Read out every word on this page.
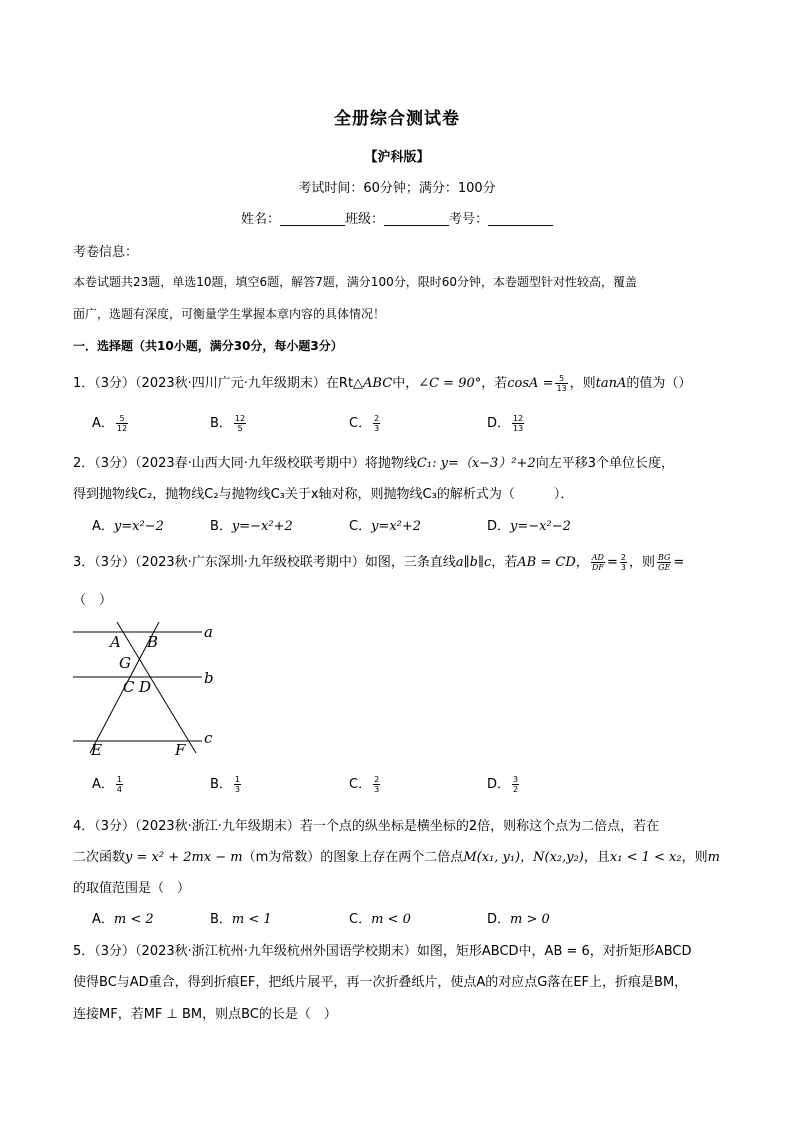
全册综合测试卷
【沪科版】
考试时间：60分钟；满分：100分
姓名：__________班级：__________考号：__________
考卷信息：
本卷试题共23题，单选10题，填空6题，解答7题，满分100分，限时60分钟，本卷题型针对性较高，覆盖
面广，选题有深度，可衡量学生掌握本章内容的具体情况！
一．选择题（共10小题，满分30分，每小题3分）
1．（3分）（2023秋·四川广元·九年级期末）在Rt△ABC中，∠C = 90°，若$\cos A = \frac{5}{13}$ ，则tanA的值为（）
A． $\frac{5}{12}$	B． $\frac{12}{5}$	C． $\frac{2}{3}$	D． $\frac{12}{13}$
2．（3分）（2023春·山西大同·九年级校联考期中）将抛物线C₁: y=（x−3）²+2向左平移3个单位长度，
得到抛物线C₂，抛物线C₂与抛物线C₃关于x轴对称，则抛物线C₃的解析式为（　　　）．
A．y=x²−2	B．y=−x²+2	C．y=x²+2	D．y=−x²−2
3．（3分）（2023秋·广东深圳·九年级校联考期中）如图，三条直线a∥b∥c，若AB = CD， $\frac{AD}{DF} = \frac{2}{3}$ ，则 $\frac{BG}{GE}$ =
（　）
A B
G
C D
E	F
a
b
c
A． $\frac{1}{4}$	B． $\frac{1}{3}$	C． $\frac{2}{3}$	D． $\frac{3}{2}$
4．（3分）（2023秋·浙江·九年级期末）若一个点的纵坐标是横坐标的2倍，则称这个点为二倍点，若在
二次函数y = x² + 2mx − m（m为常数）的图象上存在两个二倍点M(x₁, y₁)，N(x₂,y₂)，且x₁ < 1 < x₂，则m
的取值范围是（　）
A．m < 2	B．m < 1	C．m < 0	D．m > 0
5．（3分）（2023秋·浙江杭州·九年级杭州外国语学校期末）如图，矩形ABCD中，AB = 6，对折矩形ABCD
使得BC与AD重合，得到折痕EF，把纸片展平，再一次折叠纸片，使点A的对应点G落在EF上，折痕是BM，
连接MF，若MF ⊥ BM，则点BC的长是（　）
